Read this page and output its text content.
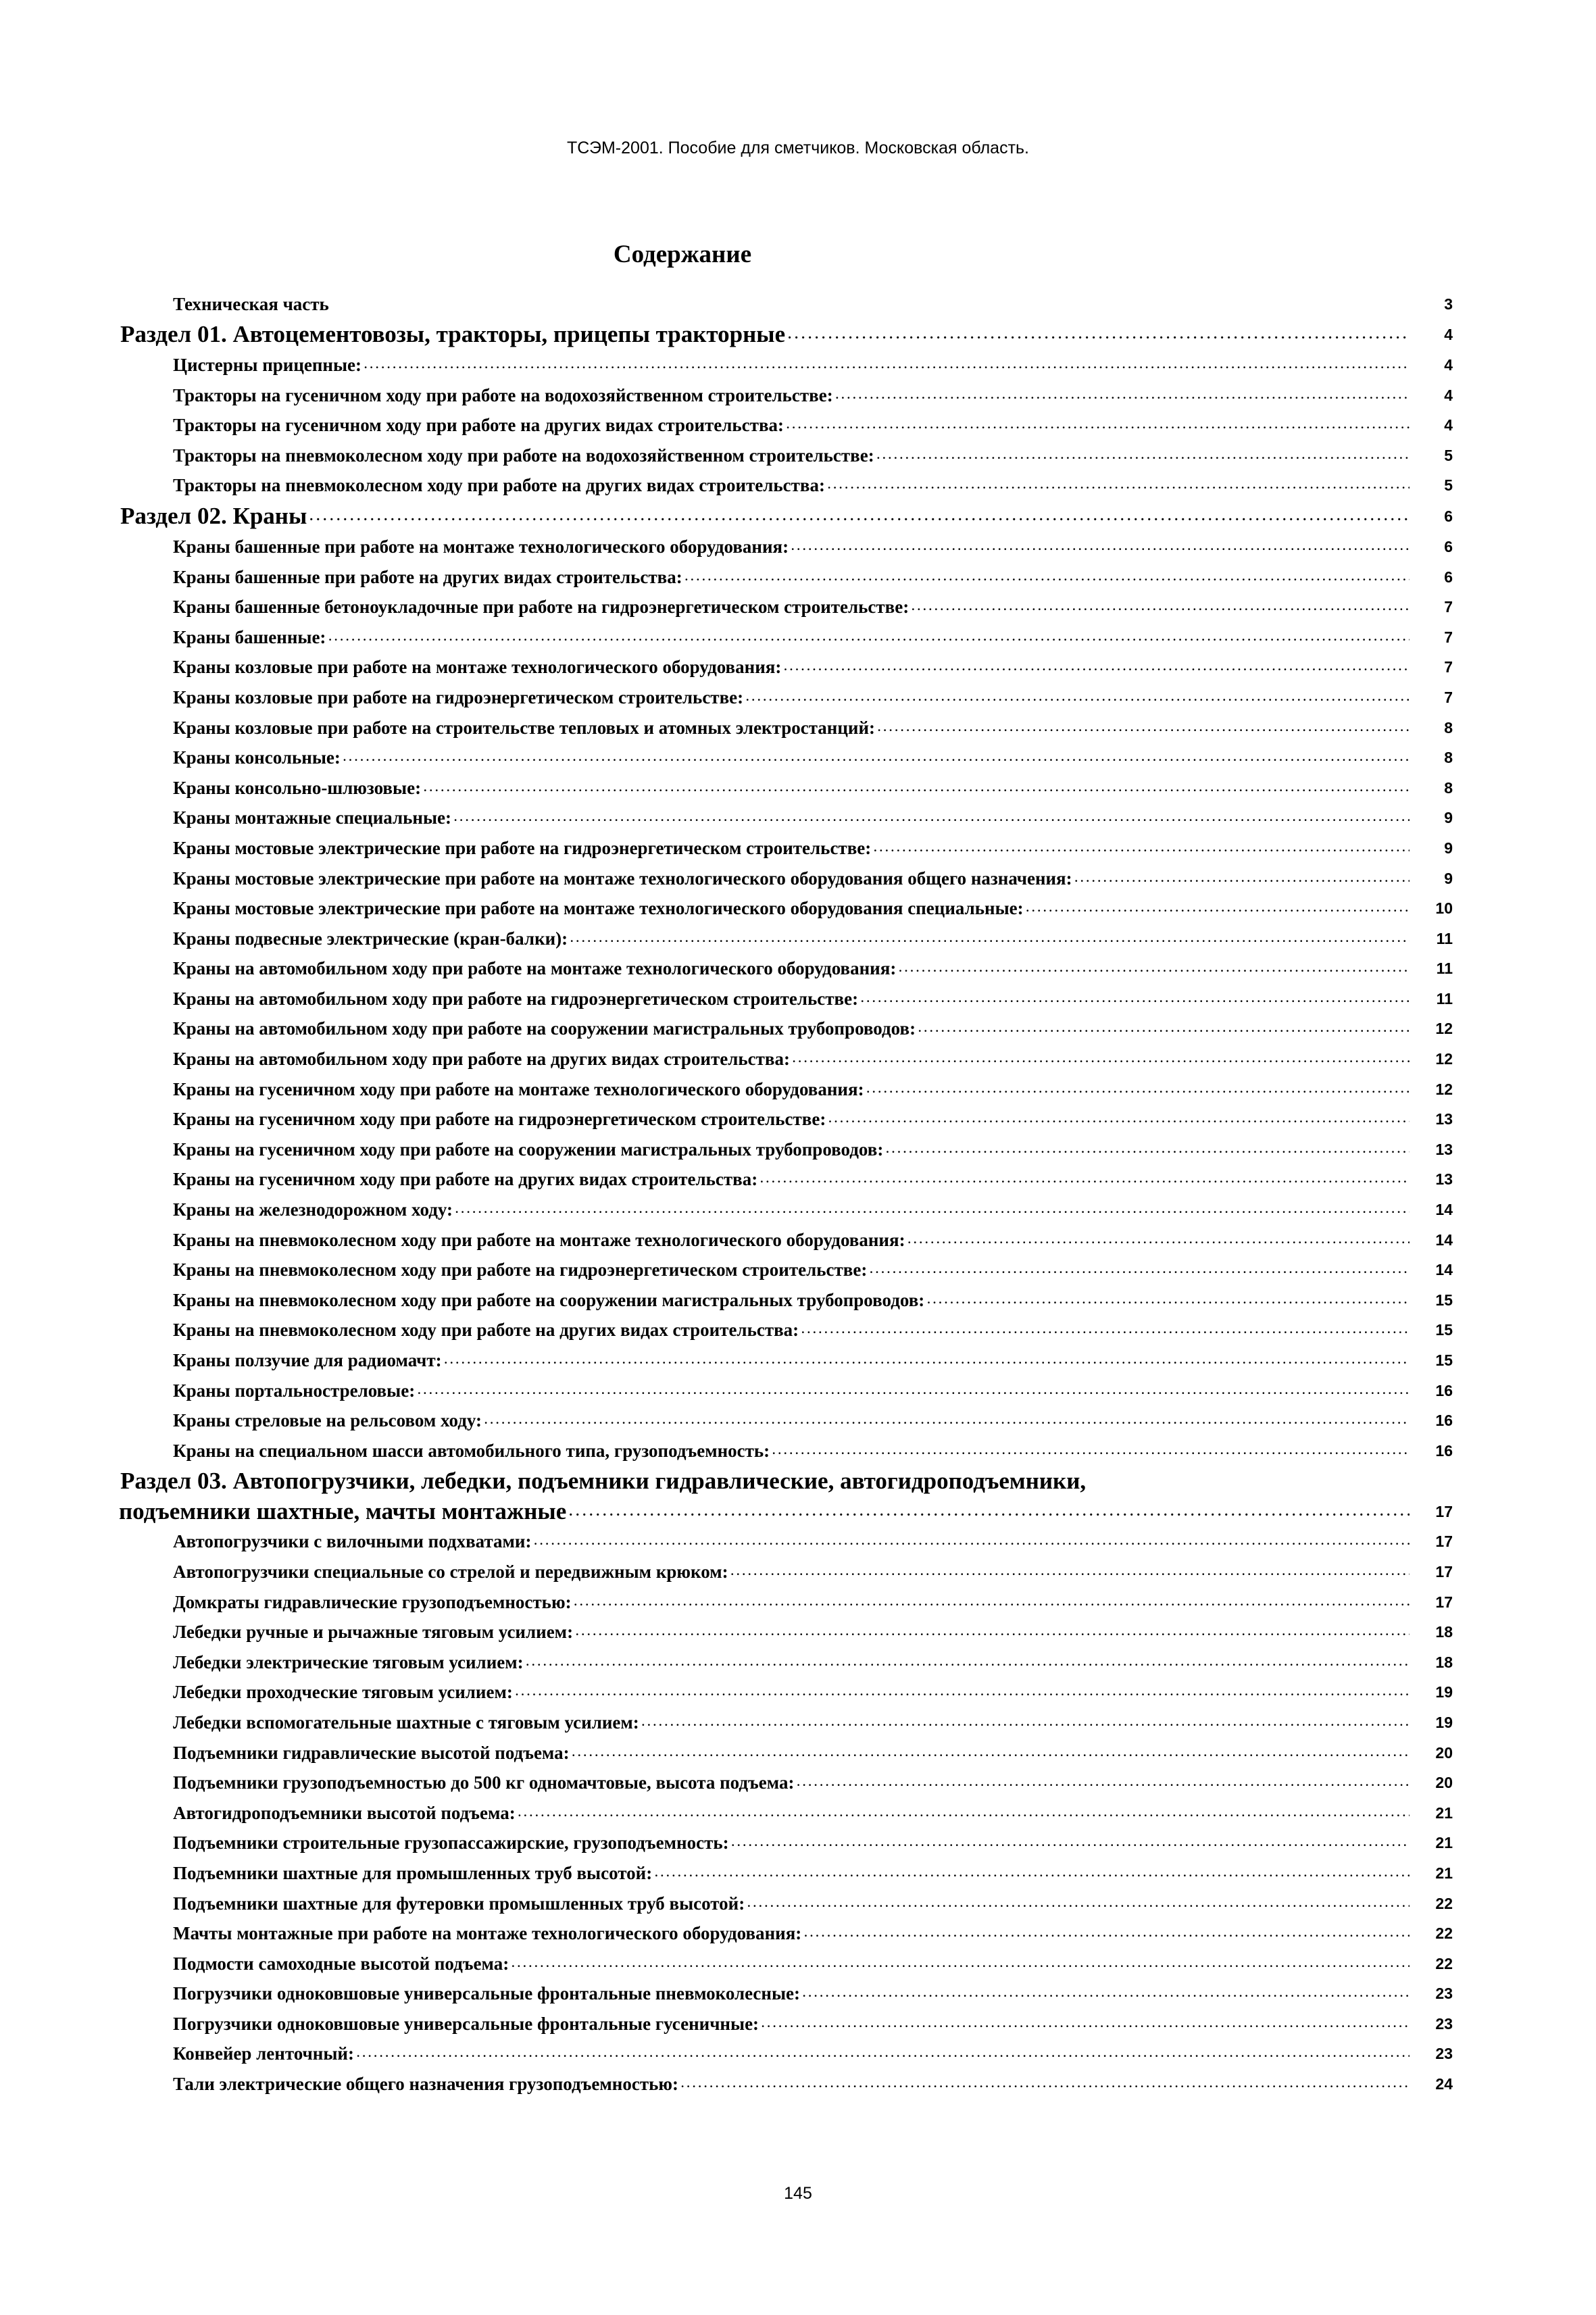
ТСЭМ-2001. Пособие для сметчиков. Московская область.
Содержание
Техническая часть	3
Раздел 01. Автоцементовозы, тракторы, прицепы тракторные . . .	4
Цистерны прицепные: . . .	4
Тракторы на гусеничном ходу при работе на водохозяйственном строительстве: . . .	4
Тракторы на гусеничном ходу при работе на других видах строительства: . . .	4
Тракторы на пневмоколесном ходу при работе на водохозяйственном строительстве: . . .	5
Тракторы на пневмоколесном ходу при работе на других видах строительства: . . .	5
Раздел 02. Краны . . .	6
Краны башенные при работе на монтаже технологического оборудования: . . .	6
Краны башенные при работе на других видах строительства: . . .	6
Краны башенные бетоноукладочные при работе на гидроэнергетическом строительстве: . . .	7
Краны башенные: . . .	7
Краны козловые при работе на монтаже технологического оборудования: . . .	7
Краны козловые при работе на гидроэнергетическом строительстве: . . .	7
Краны козловые при работе на строительстве тепловых и атомных электростанций: . . .	8
Краны консольные: . . .	8
Краны консольно-шлюзовые: . . .	8
Краны монтажные специальные: . . .	9
Краны мостовые электрические при работе на гидроэнергетическом строительстве: . . .	9
Краны мостовые электрические при работе на монтаже технологического оборудования общего назначения: . . .	9
Краны мостовые электрические при работе на монтаже технологического оборудования специальные: . . .	10
Краны подвесные электрические (кран-балки): . . .	11
Краны на автомобильном ходу при работе на монтаже технологического оборудования: . . .	11
Краны на автомобильном ходу при работе на гидроэнергетическом строительстве: . . .	11
Краны на автомобильном ходу при работе на сооружении магистральных трубопроводов: . . .	12
Краны на автомобильном ходу при работе на других видах строительства: . . .	12
Краны на гусеничном ходу при работе на монтаже технологического оборудования: . . .	12
Краны на гусеничном ходу при работе на гидроэнергетическом строительстве: . . .	13
Краны на гусеничном ходу при работе на сооружении магистральных трубопроводов: . . .	13
Краны на гусеничном ходу при работе на других видах строительства: . . .	13
Краны на железнодорожном ходу: . . .	14
Краны на пневмоколесном ходу при работе на монтаже технологического оборудования: . . .	14
Краны на пневмоколесном ходу при работе на гидроэнергетическом строительстве: . . .	14
Краны на пневмоколесном ходу при работе на сооружении магистральных трубопроводов: . . .	15
Краны на пневмоколесном ходу при работе на других видах строительства: . . .	15
Краны ползучие для радиомачт: . . .	15
Краны портальностреловые: . . .	16
Краны стреловые на рельсовом ходу: . . .	16
Краны на специальном шасси автомобильного типа, грузоподъемность: . . .	16
Раздел 03. Автопогрузчики, лебедки, подъемники гидравлические, автогидроподъемники,
подъемники шахтные, мачты монтажные . . .	17
Автопогрузчики с вилочными подхватами: . . .	17
Автопогрузчики специальные со стрелой и передвижным крюком: . . .	17
Домкраты гидравлические грузоподъемностью: . . .	17
Лебедки ручные и рычажные тяговым усилием: . . .	18
Лебедки электрические тяговым усилием: . . .	18
Лебедки проходческие тяговым усилием: . . .	19
Лебедки вспомогательные шахтные с тяговым усилием: . . .	19
Подъемники гидравлические высотой подъема: . . .	20
Подъемники грузоподъемностью до 500 кг одномачтовые, высота подъема: . . .	20
Автогидроподъемники высотой подъема: . . .	21
Подъемники строительные грузопассажирские, грузоподъемность: . . .	21
Подъемники шахтные для промышленных труб высотой: . . .	21
Подъемники шахтные для футеровки промышленных труб высотой: . . .	22
Мачты монтажные при работе на монтаже технологического оборудования: . . .	22
Подмости самоходные высотой подъема: . . .	22
Погрузчики одноковшовые универсальные фронтальные пневмоколесные: . . .	23
Погрузчики одноковшовые универсальные фронтальные гусеничные: . . .	23
Конвейер ленточный: . . .	23
Тали электрические общего назначения грузоподъемностью: . . .	24
145
